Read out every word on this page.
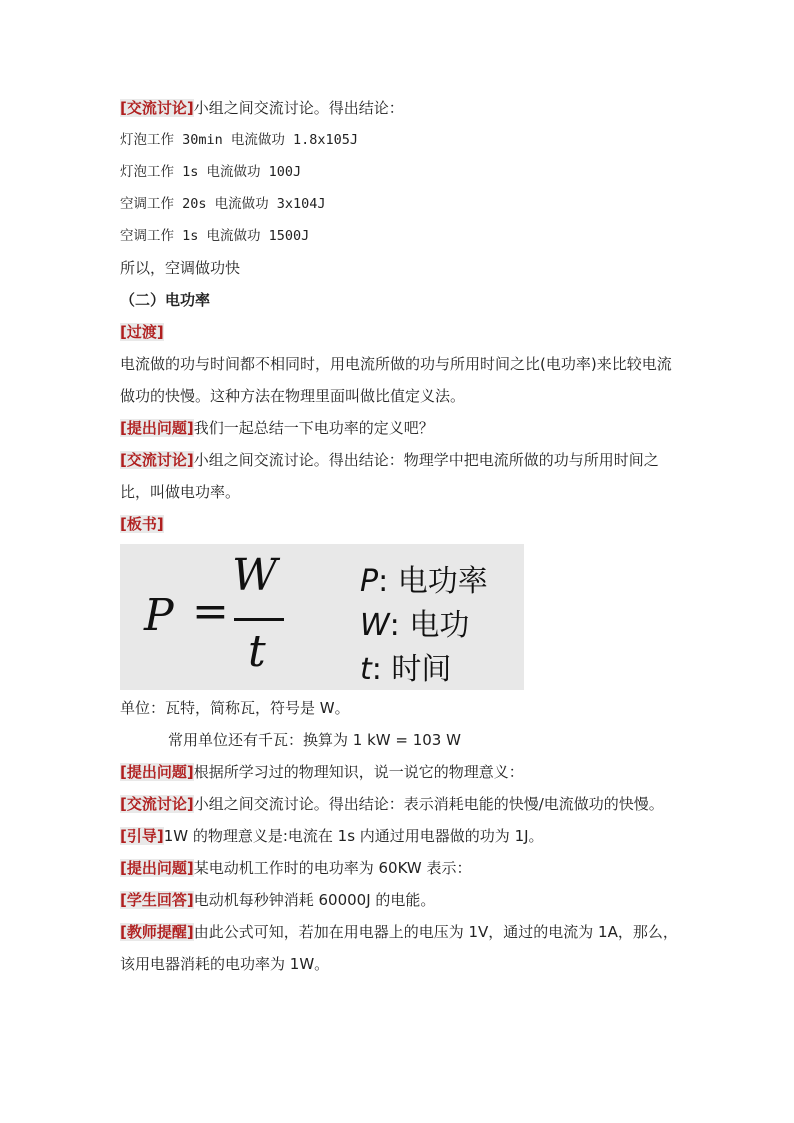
[交流讨论]小组之间交流讨论。得出结论：
灯泡工作 30min 电流做功 1.8x105J
灯泡工作 1s 电流做功 100J
空调工作 20s 电流做功 3x104J
空调工作 1s 电流做功 1500J
所以，空调做功快
（二）电功率
[过渡]
电流做的功与时间都不相同时，用电流所做的功与所用时间之比(电功率)来比较电流做功的快慢。这种方法在物理里面叫做比值定义法。
[提出问题]我们一起总结一下电功率的定义吧？
[交流讨论]小组之间交流讨论。得出结论：物理学中把电流所做的功与所用时间之比，叫做电功率。
[板书]
P =
W
t
P: 电功率
W: 电功
t: 时间
单位：瓦特，简称瓦，符号是 W。
常用单位还有千瓦：换算为 1 kW = 103 W
[提出问题]根据所学习过的物理知识，说一说它的物理意义：
[交流讨论]小组之间交流讨论。得出结论：表示消耗电能的快慢/电流做功的快慢。
[引导]1W 的物理意义是:电流在 1s 内通过用电器做的功为 1J。
[提出问题]某电动机工作时的电功率为 60KW 表示：
[学生回答]电动机每秒钟消耗 60000J 的电能。
[教师提醒]由此公式可知，若加在用电器上的电压为 1V，通过的电流为 1A，那么，该用电器消耗的电功率为 1W。
